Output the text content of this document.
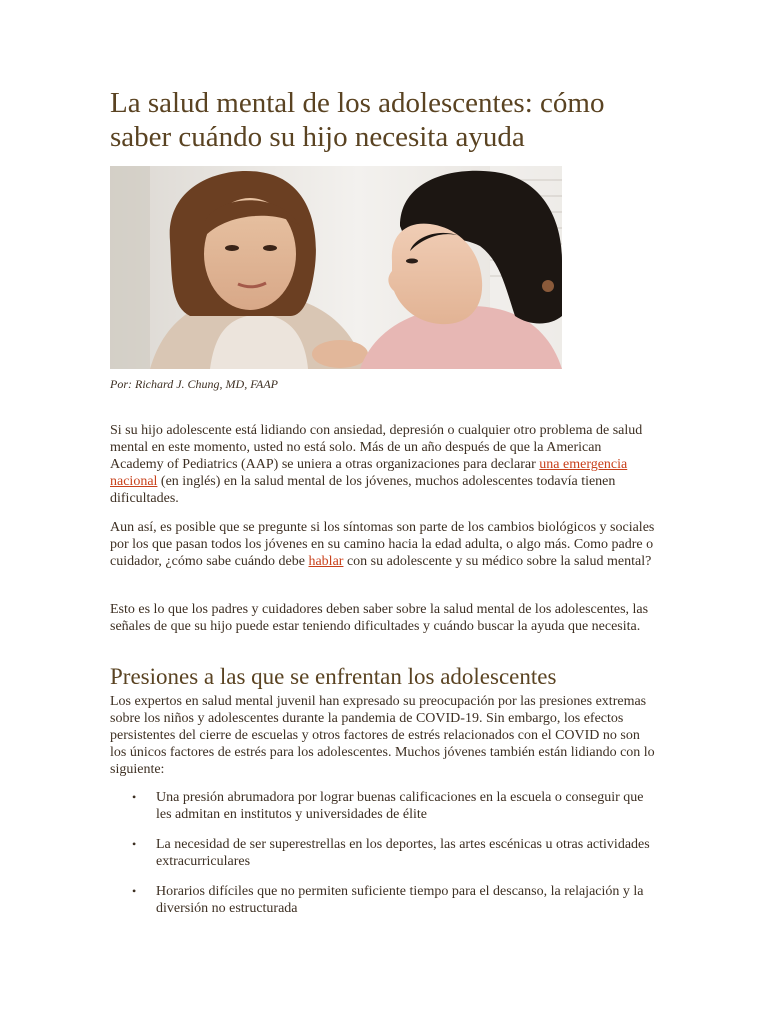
La salud mental de los adolescentes: cómo saber cuándo su hijo necesita ayuda
Por: Richard J. Chung, MD, FAAP

Si su hijo adolescente está lidiando con ansiedad, depresión o cualquier otro problema de salud mental en este momento, usted no está solo. Más de un año después de que la American Academy of Pediatrics (AAP) se uniera a otras organizaciones para declarar una emergencia nacional (en inglés) en la salud mental de los jóvenes, muchos adolescentes todavía tienen dificultades.

Aun así, es posible que se pregunte si los síntomas son parte de los cambios biológicos y sociales por los que pasan todos los jóvenes en su camino hacia la edad adulta, o algo más. Como padre o cuidador, ¿cómo sabe cuándo debe hablar con su adolescente y su médico sobre la salud mental?

Esto es lo que los padres y cuidadores deben saber sobre la salud mental de los adolescentes, las señales de que su hijo puede estar teniendo dificultades y cuándo buscar la ayuda que necesita.

Presiones a las que se enfrentan los adolescentes

Los expertos en salud mental juvenil han expresado su preocupación por las presiones extremas sobre los niños y adolescentes durante la pandemia de COVID-19. Sin embargo, los efectos persistentes del cierre de escuelas y otros factores de estrés relacionados con el COVID no son los únicos factores de estrés para los adolescentes. Muchos jóvenes también están lidiando con lo siguiente:

• Una presión abrumadora por lograr buenas calificaciones en la escuela o conseguir que les admitan en institutos y universidades de élite
• La necesidad de ser superestrellas en los deportes, las artes escénicas u otras actividades extracurriculares
• Horarios difíciles que no permiten suficiente tiempo para el descanso, la relajación y la diversión no estructurada
